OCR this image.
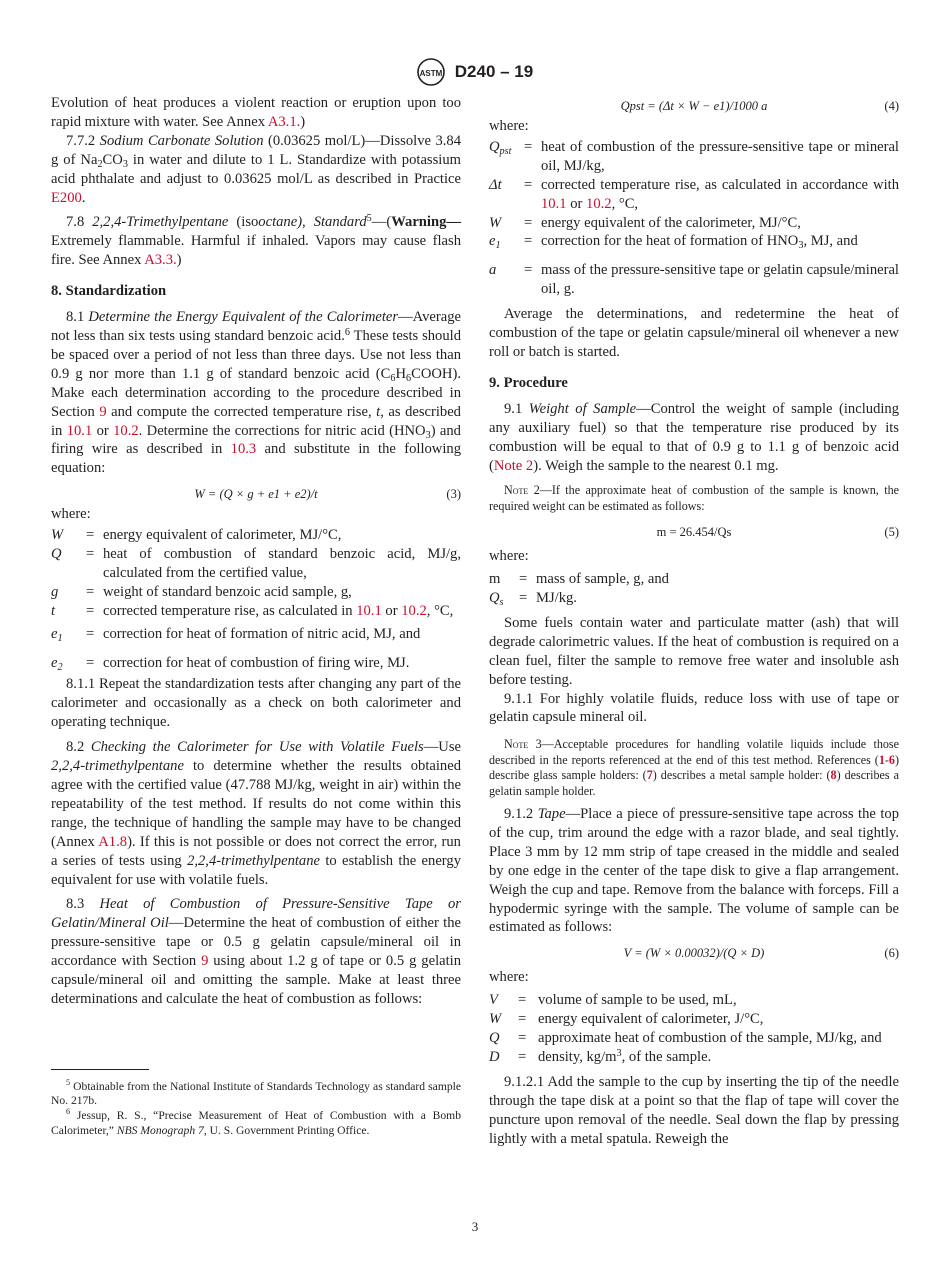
ASTM D240 – 19

Evolution of heat produces a violent reaction or eruption upon too rapid mixture with water. See Annex A3.1.)

7.7.2 Sodium Carbonate Solution (0.03625 mol/L)—Dissolve 3.84 g of $Na_2CO_3$ in water and dilute to 1 L. Standardize with potassium acid phthalate and adjust to 0.03625 mol/L as described in Practice E200.

7.8 2,2,4-Trimethylpentane (isooctane), Standard$^5$—(Warning—Extremely flammable. Harmful if inhaled. Vapors may cause flash fire. See Annex A3.3.)

8. Standardization

8.1 Determine the Energy Equivalent of the Calorimeter—Average not less than six tests using standard benzoic acid.$^6$ These tests should be spaced over a period of not less than three days. Use not less than 0.9 g nor more than 1.1 g of standard benzoic acid $(C_6H_6COOH)$. Make each determination according to the procedure described in Section 9 and compute the corrected temperature rise, t, as described in 10.1 or 10.2. Determine the corrections for nitric acid $(HNO_3)$ and firing wire as described in 10.3 and substitute in the following equation:

W = (Q × g + e1 + e2)/t	(3)

where:

W	= energy equivalent of calorimeter, MJ/°C,
Q	= heat of combustion of standard benzoic acid, MJ/g, calculated from the certified value,
g	= weight of standard benzoic acid sample, g,
t	= corrected temperature rise, as calculated in 10.1 or 10.2, °C,
$e_1$	= correction for heat of formation of nitric acid, MJ, and
$e_2$	= correction for heat of combustion of firing wire, MJ.

8.1.1 Repeat the standardization tests after changing any part of the calorimeter and occasionally as a check on both calorimeter and operating technique.

8.2 Checking the Calorimeter for Use with Volatile Fuels—Use 2,2,4-trimethylpentane to determine whether the results obtained agree with the certified value (47.788 MJ/kg, weight in air) within the repeatability of the test method. If results do not come within this range, the technique of handling the sample may have to be changed (Annex A1.8). If this is not possible or does not correct the error, run a series of tests using 2,2,4-trimethylpentane to establish the energy equivalent for use with volatile fuels.

8.3 Heat of Combustion of Pressure-Sensitive Tape or Gelatin/Mineral Oil—Determine the heat of combustion of either the pressure-sensitive tape or 0.5 g gelatin capsule/mineral oil in accordance with Section 9 using about 1.2 g of tape or 0.5 g gelatin capsule/mineral oil and omitting the sample. Make at least three determinations and calculate the heat of combustion as follows:

$^5$ Obtainable from the National Institute of Standards Technology as standard sample No. 217b.

$^6$ Jessup, R. S., “Precise Measurement of Heat of Combustion with a Bomb Calorimeter,” NBS Monograph 7, U. S. Government Printing Office.

Qpst = (Δt × W − e1)/1000 a	(4)

where:

$Q_{pst}$ = heat of combustion of the pressure-sensitive tape or mineral oil, MJ/kg,
Δt	= corrected temperature rise, as calculated in accordance with 10.1 or 10.2, °C,
W	= energy equivalent of the calorimeter, MJ/°C,
$e_1$	= correction for the heat of formation of $HNO_3$, MJ, and
a	= mass of the pressure-sensitive tape or gelatin capsule/mineral oil, g.

Average the determinations, and redetermine the heat of combustion of the tape or gelatin capsule/mineral oil whenever a new roll or batch is started.

9. Procedure

9.1 Weight of Sample—Control the weight of sample (including any auxiliary fuel) so that the temperature rise produced by its combustion will be equal to that of 0.9 g to 1.1 g of benzoic acid (Note 2). Weigh the sample to the nearest 0.1 mg.

Note 2—If the approximate heat of combustion of the sample is known, the required weight can be estimated as follows:

m = 26.454/Qs	(5)

where:

m	= mass of sample, g, and
$Q_s$	= MJ/kg.

Some fuels contain water and particulate matter (ash) that will degrade calorimetric values. If the heat of combustion is required on a clean fuel, filter the sample to remove free water and insoluble ash before testing.

9.1.1 For highly volatile fluids, reduce loss with use of tape or gelatin capsule mineral oil.

Note 3—Acceptable procedures for handling volatile liquids include those described in the reports referenced at the end of this test method. References (1-6) describe glass sample holders: (7) describes a metal sample holder: (8) describes a gelatin sample holder.

9.1.2 Tape—Place a piece of pressure-sensitive tape across the top of the cup, trim around the edge with a razor blade, and seal tightly. Place 3 mm by 12 mm strip of tape creased in the middle and sealed by one edge in the center of the tape disk to give a flap arrangement. Weigh the cup and tape. Remove from the balance with forceps. Fill a hypodermic syringe with the sample. The volume of sample can be estimated as follows:

V = (W × 0.00032)/(Q × D)	(6)

where:

V	= volume of sample to be used, mL,
W	= energy equivalent of calorimeter, J/°C,
Q	= approximate heat of combustion of the sample, MJ/kg, and
D	= density, $kg/m^3$, of the sample.

9.1.2.1 Add the sample to the cup by inserting the tip of the needle through the tape disk at a point so that the flap of tape will cover the puncture upon removal of the needle. Seal down the flap by pressing lightly with a metal spatula. Reweigh the

3
